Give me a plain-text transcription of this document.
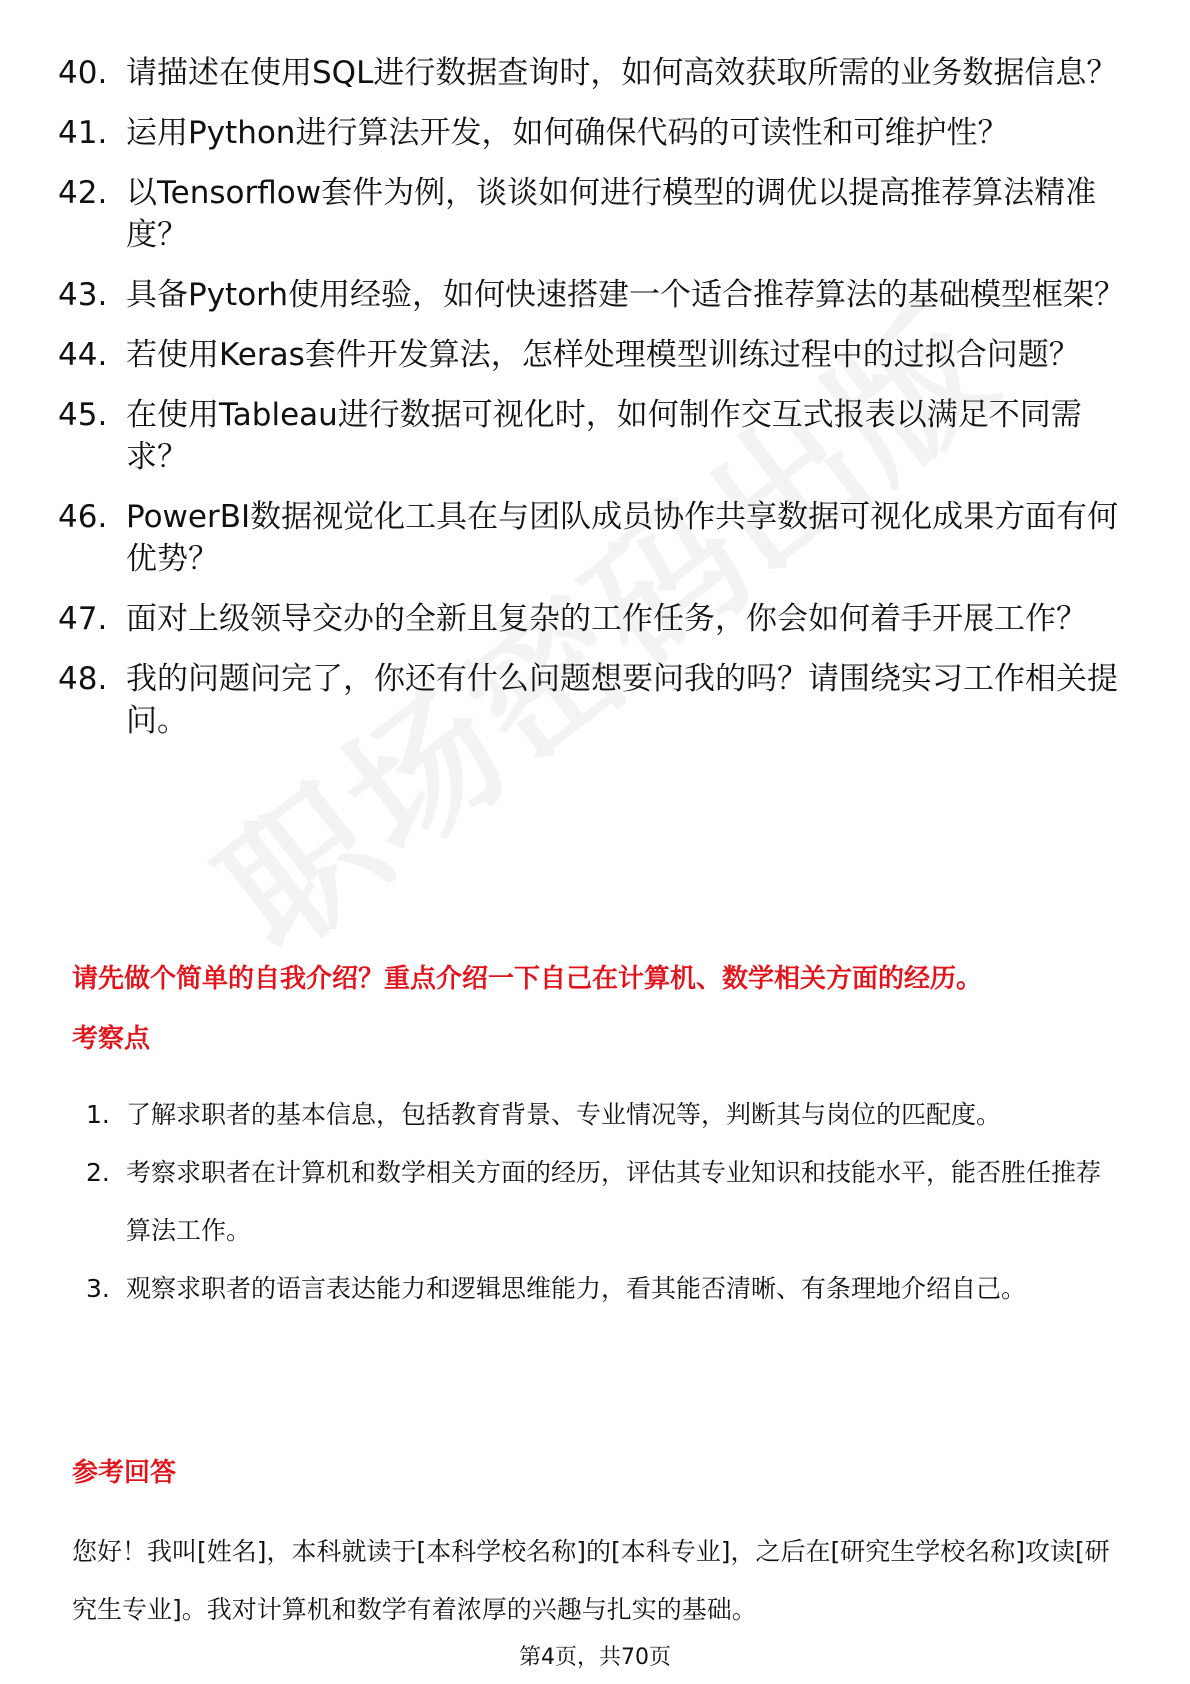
40. 请描述在使用SQL进行数据查询时，如何高效获取所需的业务数据信息？
41. 运用Python进行算法开发，如何确保代码的可读性和可维护性？
42. 以Tensorflow套件为例，谈谈如何进行模型的调优以提高推荐算法精准度？
43. 具备Pytorh使用经验，如何快速搭建一个适合推荐算法的基础模型框架？
44. 若使用Keras套件开发算法，怎样处理模型训练过程中的过拟合问题？
45. 在使用Tableau进行数据可视化时，如何制作交互式报表以满足不同需求？
46. PowerBI数据视觉化工具在与团队成员协作共享数据可视化成果方面有何优势？
47. 面对上级领导交办的全新且复杂的工作任务，你会如何着手开展工作？
48. 我的问题问完了，你还有什么问题想要问我的吗？请围绕实习工作相关提问。
请先做个简单的自我介绍？重点介绍一下自己在计算机、数学相关方面的经历。
考察点
1. 了解求职者的基本信息，包括教育背景、专业情况等，判断其与岗位的匹配度。
2. 考察求职者在计算机和数学相关方面的经历，评估其专业知识和技能水平，能否胜任推荐算法工作。
3. 观察求职者的语言表达能力和逻辑思维能力，看其能否清晰、有条理地介绍自己。
参考回答
您好！我叫[姓名]，本科就读于[本科学校名称]的[本科专业]，之后在[研究生学校名称]攻读[研究生专业]。我对计算机和数学有着浓厚的兴趣与扎实的基础。
第4页，共70页
